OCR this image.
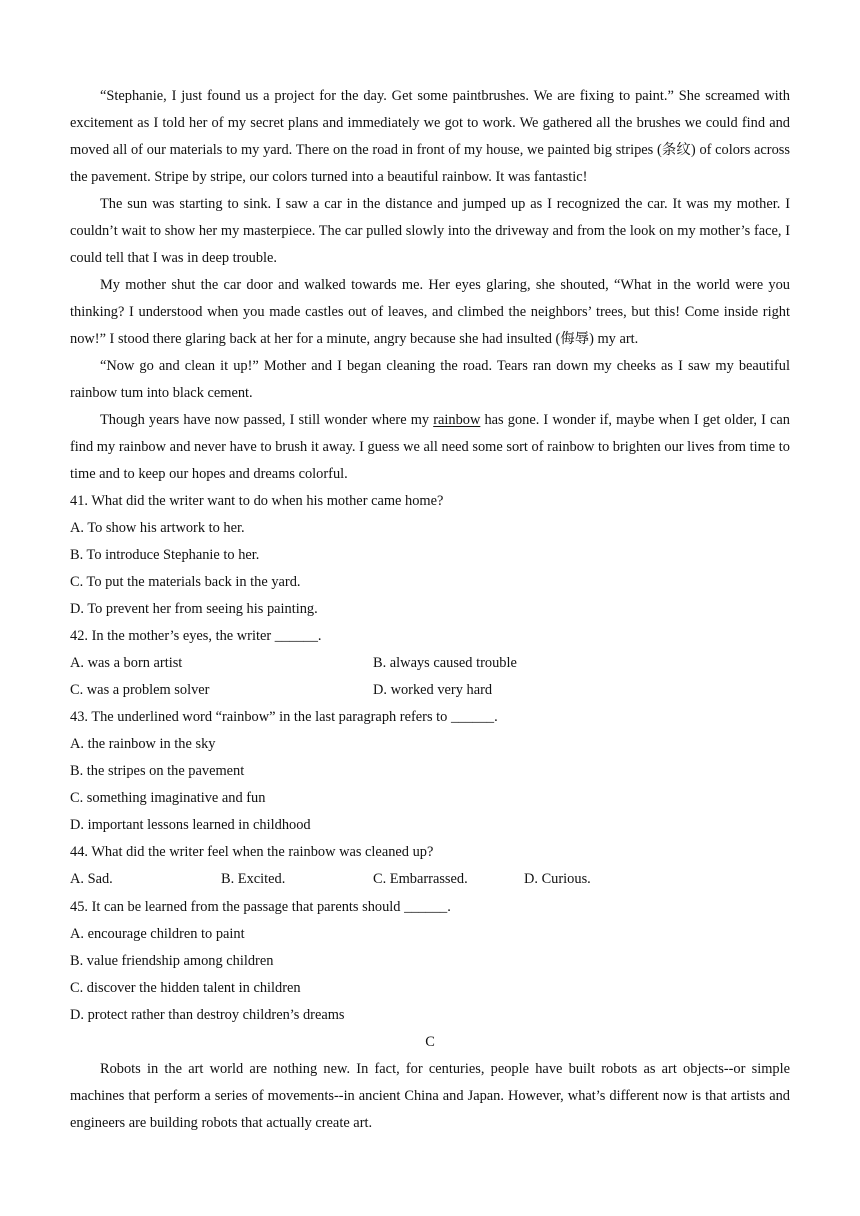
“Stephanie, I just found us a project for the day. Get some paintbrushes. We are fixing to paint.” She screamed with excitement as I told her of my secret plans and immediately we got to work. We gathered all the brushes we could find and moved all of our materials to my yard. There on the road in front of my house, we painted big stripes (条纹) of colors across the pavement. Stripe by stripe, our colors turned into a beautiful rainbow. It was fantastic!

The sun was starting to sink. I saw a car in the distance and jumped up as I recognized the car. It was my mother. I couldn’t wait to show her my masterpiece. The car pulled slowly into the driveway and from the look on my mother’s face, I could tell that I was in deep trouble.

My mother shut the car door and walked towards me. Her eyes glaring, she shouted, “What in the world were you thinking? I understood when you made castles out of leaves, and climbed the neighbors’ trees, but this! Come inside right now!” I stood there glaring back at her for a minute, angry because she had insulted (侮辱) my art.

“Now go and clean it up!” Mother and I began cleaning the road. Tears ran down my cheeks as I saw my beautiful rainbow tum into black cement.

Though years have now passed, I still wonder where my rainbow has gone. I wonder if, maybe when I get older, I can find my rainbow and never have to brush it away. I guess we all need some sort of rainbow to brighten our lives from time to time and to keep our hopes and dreams colorful.

41. What did the writer want to do when his mother came home?
A. To show his artwork to her.
B. To introduce Stephanie to her.
C. To put the materials back in the yard.
D. To prevent her from seeing his painting.
42. In the mother’s eyes, the writer ______.
A. was a born artist	B. always caused trouble
C. was a problem solver	D. worked very hard
43. The underlined word “rainbow” in the last paragraph refers to ______.
A. the rainbow in the sky
B. the stripes on the pavement
C. something imaginative and fun
D. important lessons learned in childhood
44. What did the writer feel when the rainbow was cleaned up?
A. Sad.	B. Excited.	C. Embarrassed.	D. Curious.
45. It can be learned from the passage that parents should ______.
A. encourage children to paint
B. value friendship among children
C. discover the hidden talent in children
D. protect rather than destroy children’s dreams
C

Robots in the art world are nothing new. In fact, for centuries, people have built robots as art objects--or simple machines that perform a series of movements--in ancient China and Japan. However, what’s different now is that artists and engineers are building robots that actually create art.
